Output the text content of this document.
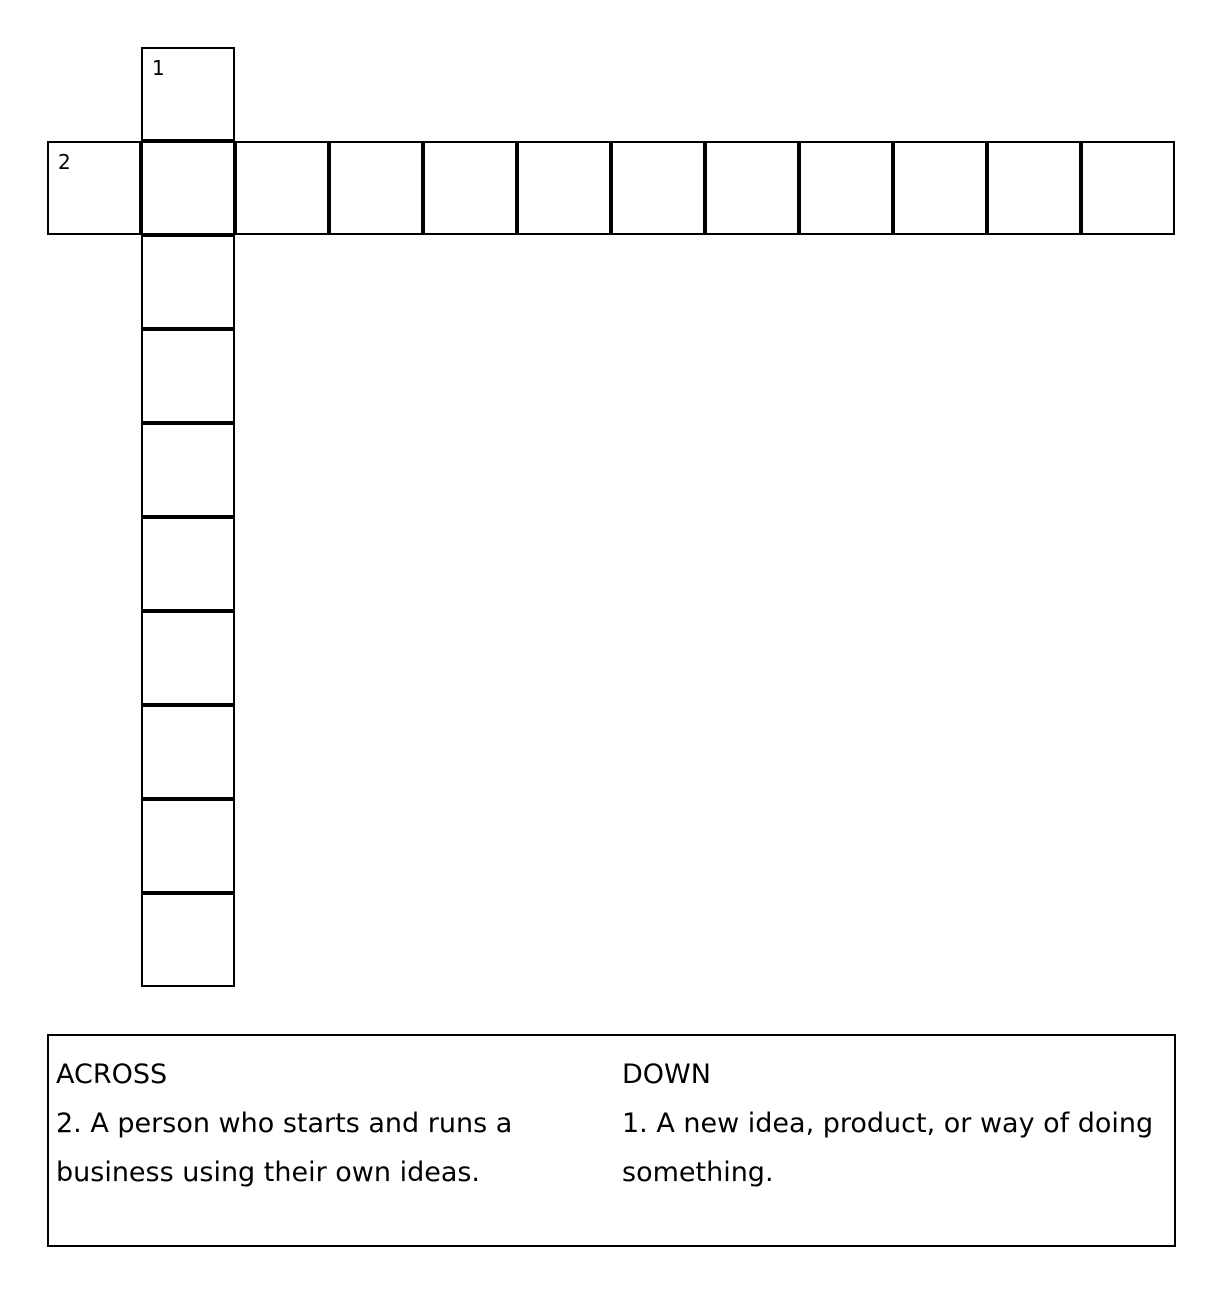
1
2
ACROSS
2. A person who starts and runs a business using their own ideas.
DOWN
1. A new idea, product, or way of doing something.
